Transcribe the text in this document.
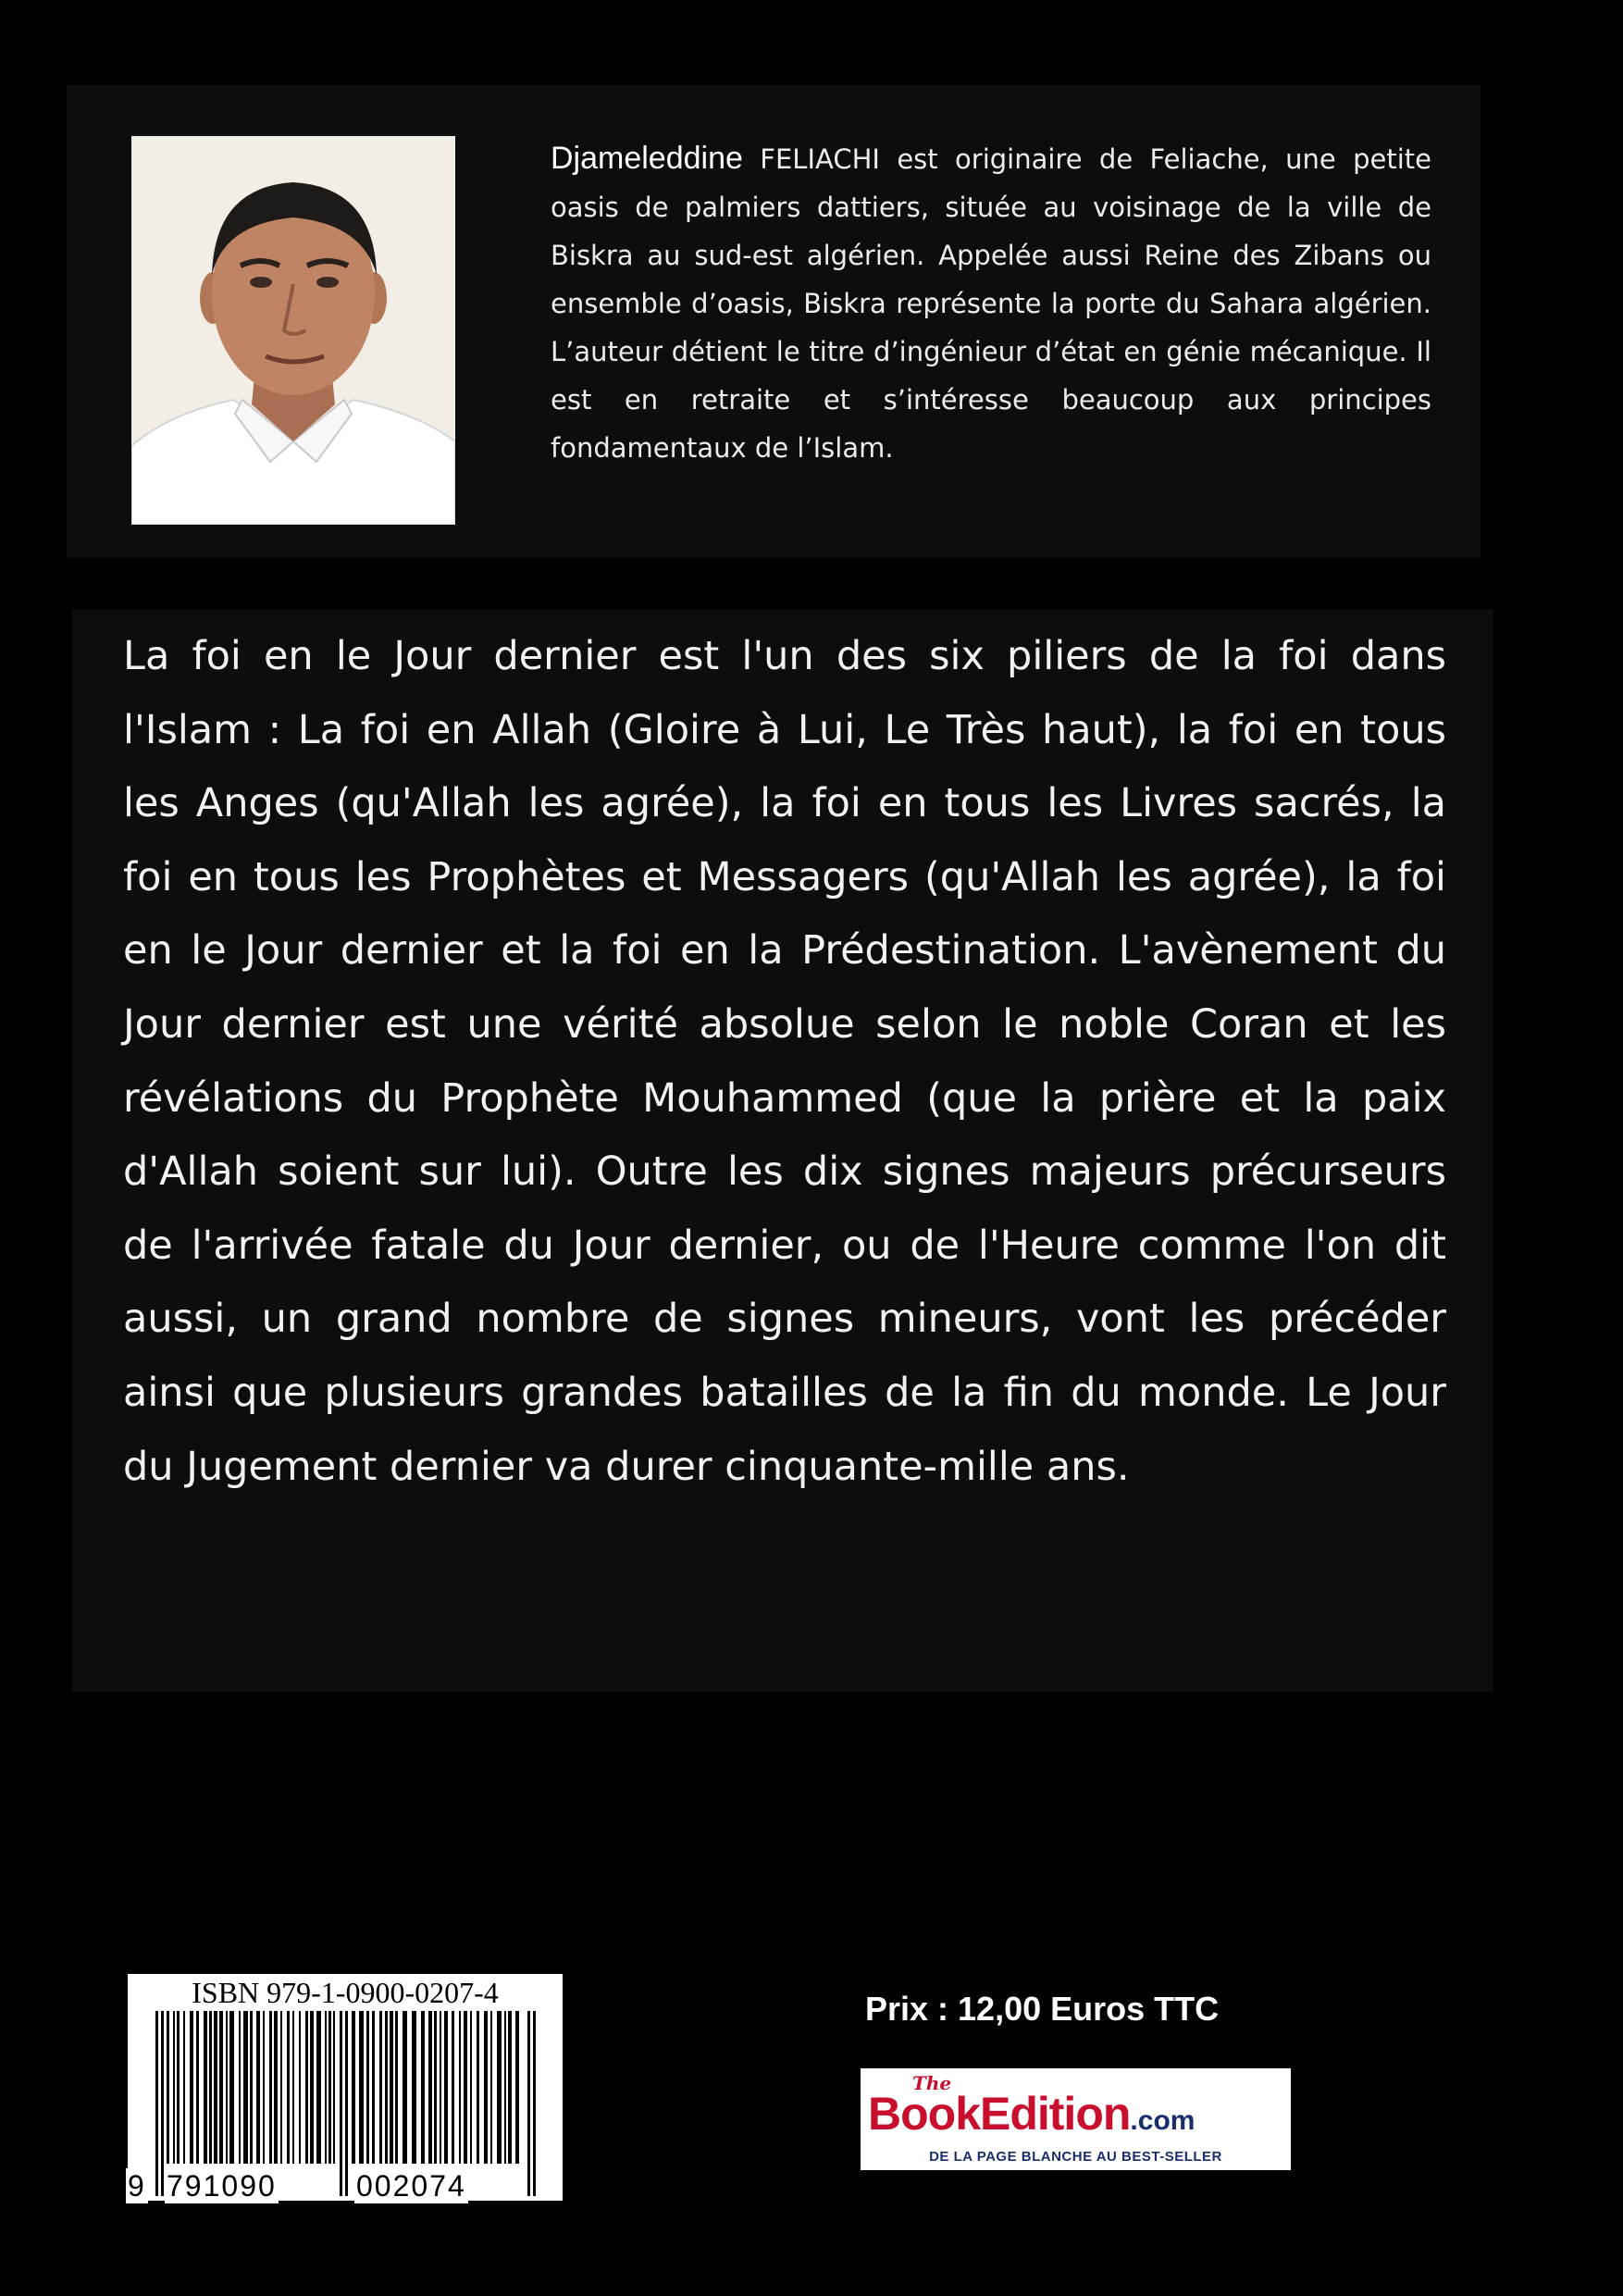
Djameleddine FELIACHI est originaire de Feliache, une petite oasis de palmiers dattiers, située au voisinage de la ville de Biskra au sud-est algérien. Appelée aussi Reine des Zibans ou ensemble d’oasis, Biskra représente la porte du Sahara algérien. L’auteur détient le titre d’ingénieur d’état en génie mécanique. Il est en retraite et s’intéresse beaucoup aux principes fondamentaux de l’Islam.

La foi en le Jour dernier est l'un des six piliers de la foi dans l'Islam : La foi en Allah (Gloire à Lui, Le Très haut), la foi en tous les Anges (qu'Allah les agrée), la foi en tous les Livres sacrés, la foi en tous les Prophètes et Messagers (qu'Allah les agrée), la foi en le Jour dernier et la foi en la Prédestination. L'avènement du Jour dernier est une vérité absolue selon le noble Coran et les révélations du Prophète Mouhammed (que la prière et la paix d'Allah soient sur lui). Outre les dix signes majeurs précurseurs de l'arrivée fatale du Jour dernier, ou de l'Heure comme l'on dit aussi, un grand nombre de signes mineurs, vont les précéder ainsi que plusieurs grandes batailles de la fin du monde. Le Jour du Jugement dernier va durer cinquante-mille ans.

ISBN 979-1-0900-0207-4
9 791090	002074
Prix : 12,00 Euros TTC
The
BookEdition.com
DE LA PAGE BLANCHE AU BEST-SELLER
